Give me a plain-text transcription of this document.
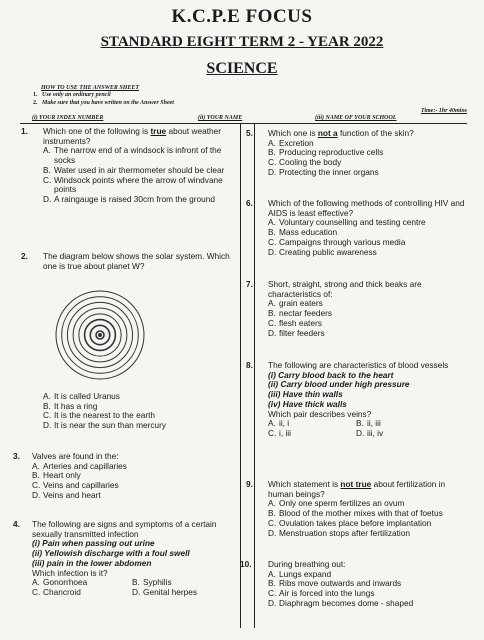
K.C.P.E FOCUS
STANDARD EIGHT TERM 2 - YEAR 2022
SCIENCE
HOW TO USE THE ANSWER SHEET
1. Use only an ordinary pencil
2. Make sure that you have written on the Answer Sheet
Time:- 1hr 40mins
(i) YOUR INDEX NUMBER	(ii) YOUR NAME	(iii) NAME OF YOUR SCHOOL
1. Which one of the following is true about weather instruments?
A. The narrow end of a windsock is infront of the socks
B. Water used in air thermometer should be clear
C. Windsock points where the arrow of windvane points
D. A raingauge is raised 30cm from the ground
2. The diagram below shows the solar system. Which one is true about planet W?
A. It is called Uranus
B. It has a ring
C. It is the nearest to the earth
D. It is near the sun than mercury
3. Valves are found in the:
A. Arteries and capillaries
B. Heart only
C. Veins and capillaries
D. Veins and heart
4. The following are signs and symptoms of a certain sexually transmitted infection
(i) Pain when passing out urine
(ii) Yellowish discharge with a foul swell
(iii) pain in the lower abdomen
Which infection is it?
A. Gonorrhoea	B. Syphilis
C. Chancroid	D. Genital herpes
5. Which one is not a function of the skin?
A. Excretion
B. Producing reproductive cells
C. Cooling the body
D. Protecting the inner organs
6. Which of the following methods of controlling HIV and AIDS is least effective?
A. Voluntary counselling and testing centre
B. Mass education
C. Campaigns through various media
D. Creating public awareness
7. Short, straight, strong and thick beaks are characteristics of:
A. grain eaters
B. nectar feeders
C. flesh eaters
D. filter feeders
8. The following are characteristics of blood vessels
(i) Carry blood back to the heart
(ii) Carry blood under high pressure
(iii) Have thin walls
(iv) Have thick walls
Which pair describes veins?
A. ii, i	B. ii, iii
C. i, iii	D. iii, iv
9. Which statement is not true about fertilization in human beings?
A. Only one sperm fertilizes an ovum
B. Blood of the mother mixes with that of foetus
C. Ovulation takes place before implantation
D. Menstruation stops after fertilization
10. During breathing out:
A. Lungs expand
B. Ribs move outwards and inwards
C. Air is forced into the lungs
D. Diaphragm becomes dome - shaped
